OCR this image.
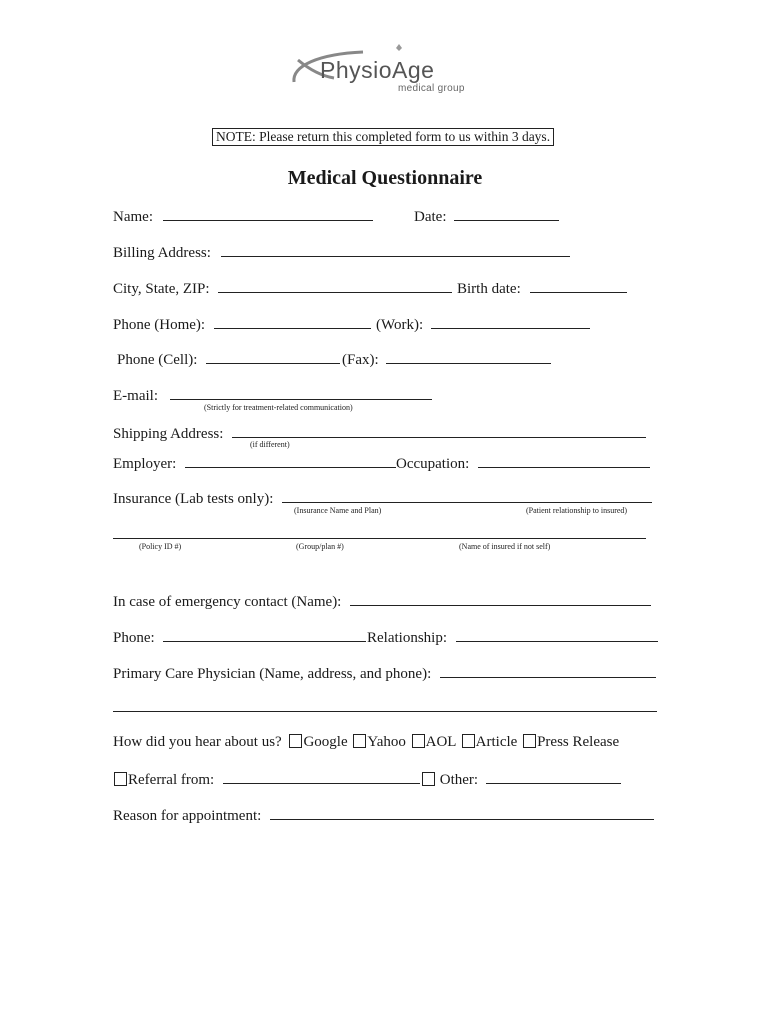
PhysioAge
medical group
NOTE: Please return this completed form to us within 3 days.
Medical Questionnaire
Name:	Date:
Billing Address:
City, State, ZIP:	Birth date:
Phone (Home):	(Work):
Phone (Cell):	(Fax):
E-mail:
(Strictly for treatment-related communication)
Shipping Address:
(if different)
Employer:	Occupation:
Insurance (Lab tests only):
(Insurance Name and Plan)	(Patient relationship to insured)
(Policy ID #)	(Group/plan #)	(Name of insured if not self)
In case of emergency contact (Name):
Phone:	Relationship:
Primary Care Physician (Name, address, and phone):
How did you hear about us? Google Yahoo AOL Article Press Release
Referral from:	Other:
Reason for appointment:
